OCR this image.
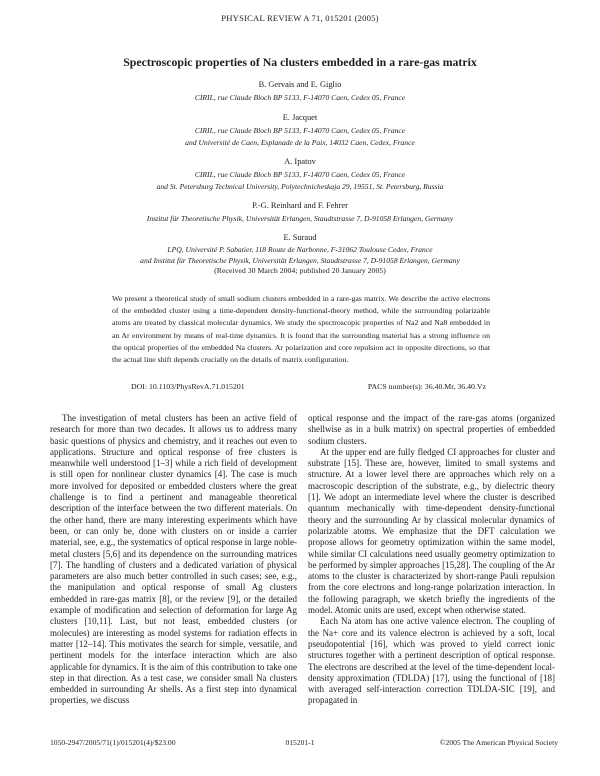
PHYSICAL REVIEW A 71, 015201 (2005)
Spectroscopic properties of Na clusters embedded in a rare-gas matrix
B. Gervais and E. Giglio
CIRIL, rue Claude Bloch BP 5133, F-14070 Caen, Cedex 05, France
E. Jacquet
CIRIL, rue Claude Bloch BP 5133, F-14070 Caen, Cedex 05, France
and Université de Caen, Esplanade de la Paix, 14032 Caen, Cedex, France
A. Ipatov
CIRIL, rue Claude Bloch BP 5133, F-14070 Caen, Cedex 05, France
and St. Petersburg Technical University, Polytechnicheskaja 29, 19551, St. Petersburg, Russia
P.-G. Reinhard and F. Fehrer
Institut für Theoretische Physik, Universität Erlangen, Staudtstrasse 7, D-91058 Erlangen, Germany
E. Suraud
LPQ, Université P. Sabatier, 118 Route de Narbonne, F-31062 Toulouse Cedex, France
and Institut für Theoretische Physik, Universität Erlangen, Staudtstrasse 7, D-91058 Erlangen, Germany
(Received 30 March 2004; published 20 January 2005)

We present a theoretical study of small sodium clusters embedded in a rare-gas matrix. We describe the active electrons of the embedded cluster using a time-dependent density-functional-theory method, while the surrounding polarizable atoms are treated by classical molecular dynamics. We study the spectroscopic properties of Na2 and Na8 embedded in an Ar environment by means of real-time dynamics. It is found that the surrounding material has a strong influence on the optical properties of the embedded Na clusters. Ar polarization and core repulsion act in opposite directions, so that the actual line shift depends crucially on the details of matrix configuration.

DOI: 10.1103/PhysRevA.71.015201	PACS number(s): 36.40.Mr, 36.40.Vz

The investigation of metal clusters has been an active field of research for more than two decades. It allows us to address many basic questions of physics and chemistry, and it reaches out even to applications. Structure and optical response of free clusters is meanwhile well understood [1–3] while a rich field of development is still open for nonlinear cluster dynamics [4]. The case is much more involved for deposited or embedded clusters where the great challenge is to find a pertinent and manageable theoretical description of the interface between the two different materials. On the other hand, there are many interesting experiments which have been, or can only be, done with clusters on or inside a carrier material, see, e.g., the systematics of optical response in large noble-metal clusters [5,6] and its dependence on the surrounding matrices [7]. The handling of clusters and a dedicated variation of physical parameters are also much better controlled in such cases; see, e.g., the manipulation and optical response of small Ag clusters embedded in rare-gas matrix [8], or the review [9], or the detailed example of modification and selection of deformation for large Ag clusters [10,11]. Last, but not least, embedded clusters (or molecules) are interesting as model systems for radiation effects in matter [12–14]. This motivates the search for simple, versatile, and pertinent models for the interface interaction which are also applicable for dynamics. It is the aim of this contribution to take one step in that direction. As a test case, we consider small Na clusters embedded in surrounding Ar shells. As a first step into dynamical properties, we discuss

optical response and the impact of the rare-gas atoms (organized shellwise as in a bulk matrix) on spectral properties of embedded sodium clusters.

At the upper end are fully fledged CI approaches for cluster and substrate [15]. These are, however, limited to small systems and structure. At a lower level there are approaches which rely on a macroscopic description of the substrate, e.g., by dielectric theory [1]. We adopt an intermediate level where the cluster is described quantum mechanically with time-dependent density-functional theory and the surrounding Ar by classical molecular dynamics of polarizable atoms. We emphasize that the DFT calculation we propose allows for geometry optimization within the same model, while similar CI calculations need usually geometry optimization to be performed by simpler approaches [15,28]. The coupling of the Ar atoms to the cluster is characterized by short-range Pauli repulsion from the core electrons and long-range polarization interaction. In the following paragraph, we sketch briefly the ingredients of the model. Atomic units are used, except when otherwise stated.

Each Na atom has one active valence electron. The coupling of the Na+ core and its valence electron is achieved by a soft, local pseudopotential [16], which was proved to yield correct ionic structures together with a pertinent description of optical response. The electrons are described at the level of the time-dependent local-density approximation (TDLDA) [17], using the functional of [18] with averaged self-interaction correction TDLDA-SIC [19], and propagated in

1050-2947/2005/71(1)/015201(4)/$23.00	015201-1	©2005 The American Physical Society
